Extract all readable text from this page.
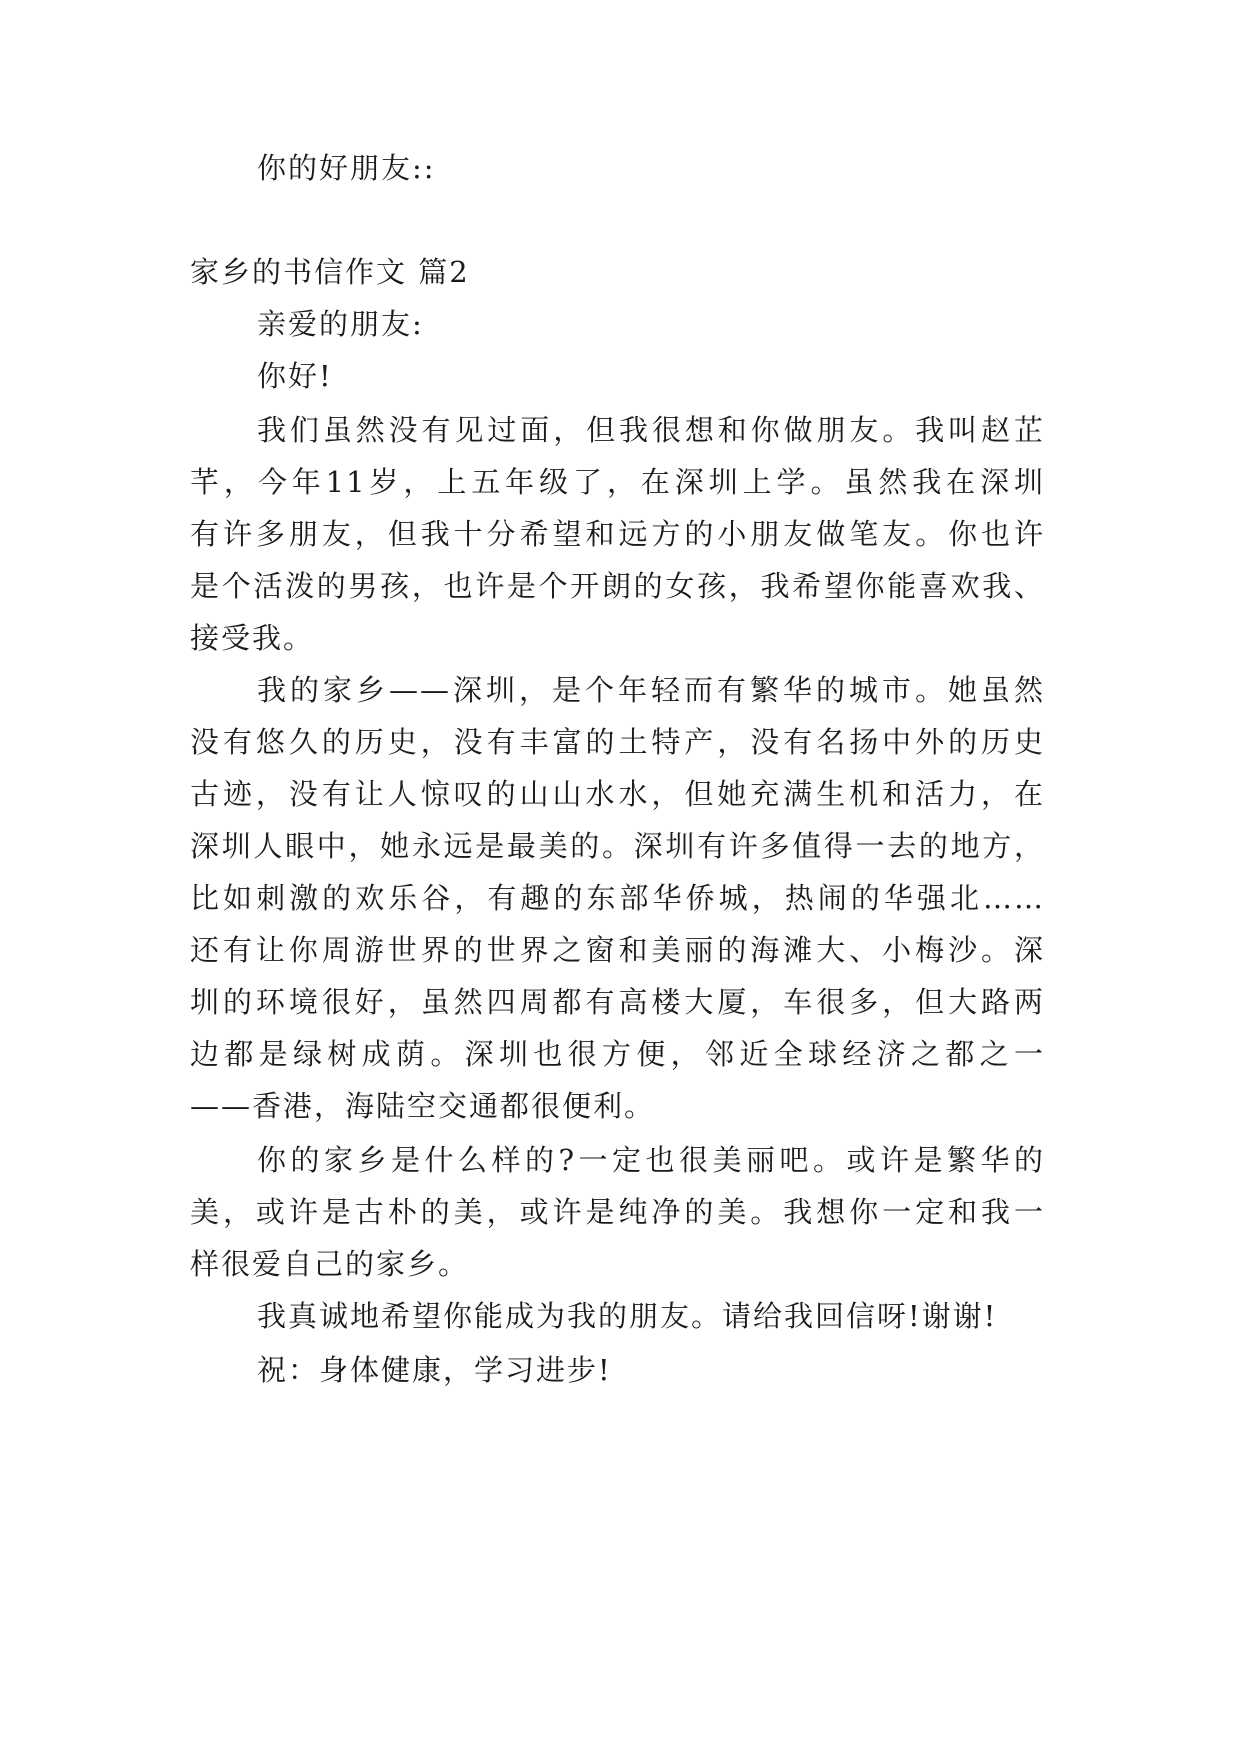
你的好朋友::
家乡的书信作文 篇2
亲爱的朋友:
你好!
我们虽然没有见过面，但我很想和你做朋友。我叫赵芷
芊，今年11岁，上五年级了，在深圳上学。虽然我在深圳
有许多朋友，但我十分希望和远方的小朋友做笔友。你也许
是个活泼的男孩，也许是个开朗的女孩，我希望你能喜欢我、
接受我。
我的家乡——深圳，是个年轻而有繁华的城市。她虽然
没有悠久的历史，没有丰富的土特产，没有名扬中外的历史
古迹，没有让人惊叹的山山水水，但她充满生机和活力，在
深圳人眼中，她永远是最美的。深圳有许多值得一去的地方，
比如刺激的欢乐谷，有趣的东部华侨城，热闹的华强北……
还有让你周游世界的世界之窗和美丽的海滩大、小梅沙。深
圳的环境很好，虽然四周都有高楼大厦，车很多，但大路两
边都是绿树成荫。深圳也很方便，邻近全球经济之都之一
——香港，海陆空交通都很便利。
你的家乡是什么样的?一定也很美丽吧。或许是繁华的
美，或许是古朴的美，或许是纯净的美。我想你一定和我一
样很爱自己的家乡。
我真诚地希望你能成为我的朋友。请给我回信呀!谢谢!
祝：身体健康，学习进步!
